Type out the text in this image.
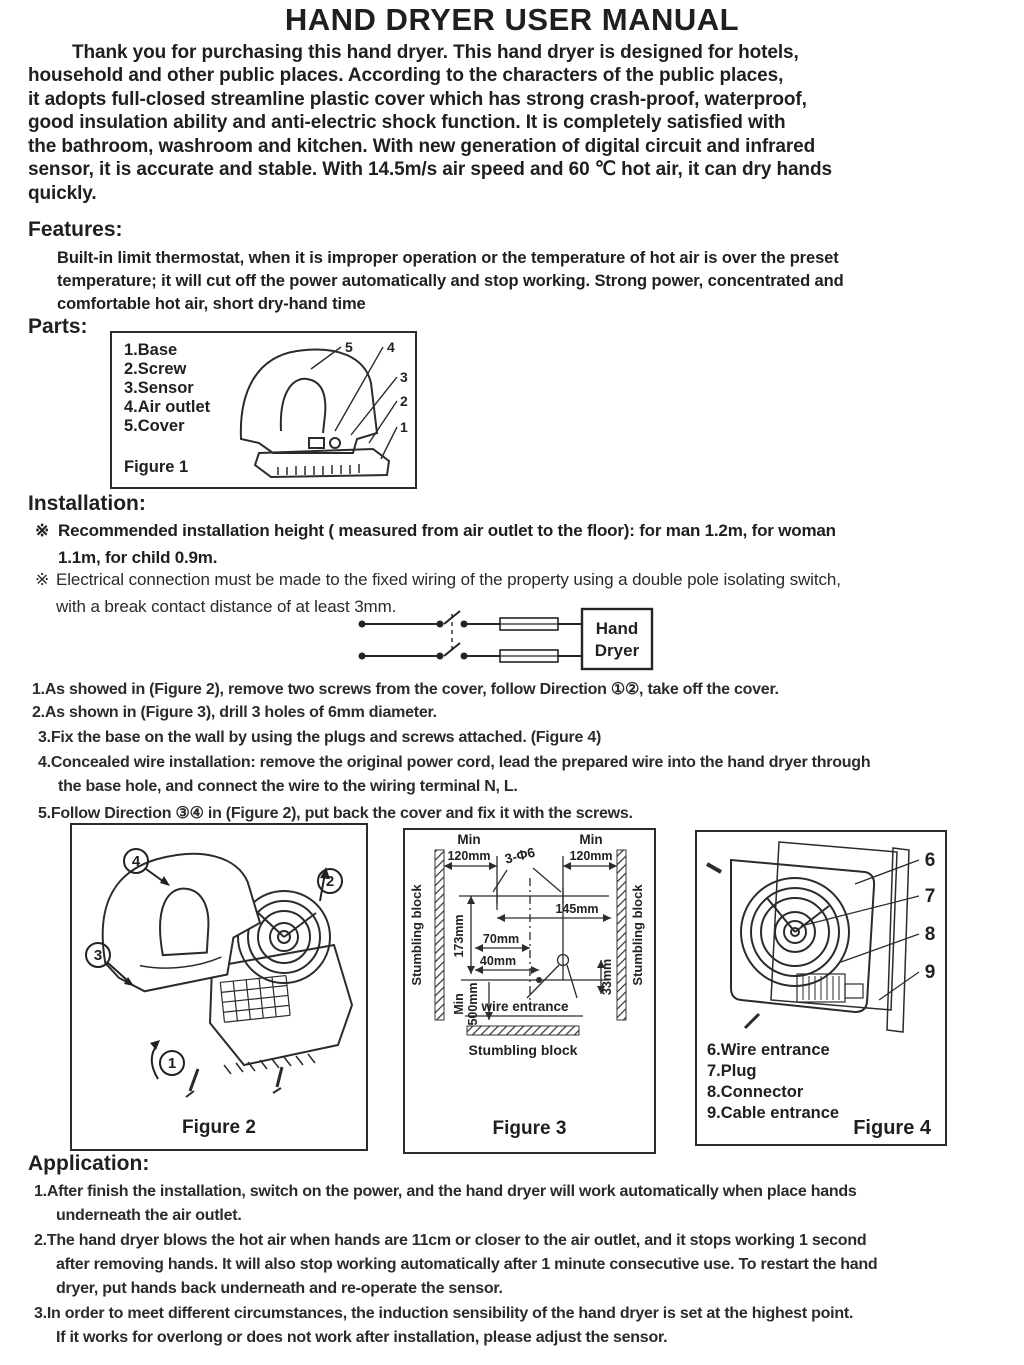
HAND DRYER USER MANUAL
Thank you for purchasing this hand dryer. This hand dryer is designed for hotels,
household and other public places. According to the characters of the public places,
it adopts full-closed streamline plastic cover which has strong crash-proof, waterproof,
good insulation ability and anti-electric shock function. It is completely satisfied with
the bathroom, washroom and kitchen. With new generation of digital circuit and infrared
sensor, it is accurate and stable. With 14.5m/s air speed and 60 ℃ hot air, it can dry hands
quickly.
Features:
Built-in limit thermostat, when it is improper operation or the temperature of hot air is over the preset
temperature; it will cut off the power automatically and stop working. Strong power, concentrated and
comfortable hot air, short dry-hand time
Parts:
1.Base
2.Screw
3.Sensor
4.Air outlet
5.Cover
Figure 1
5 4
3
2
1
Installation:
※ Recommended installation height ( measured from air outlet to the floor): for man 1.2m, for woman
1.1m, for child 0.9m.
※ Electrical connection must be made to the fixed wiring of the property using a double pole isolating switch,
with a break contact distance of at least 3mm.
Hand
Dryer
1.As showed in (Figure 2), remove two screws from the cover, follow Direction ①②, take off the cover.
2.As shown in (Figure 3), drill 3 holes of 6mm diameter.
3.Fix the base on the wall by using the plugs and screws attached. (Figure 4)
4.Concealed wire installation: remove the original power cord, lead the prepared wire into the hand dryer through
the base hole, and connect the wire to the wiring terminal N, L.
5.Follow Direction ③④ in (Figure 2), put back the cover and fix it with the screws.
4
2
3
1
Figure 2
Min
120mm
Min
120mm
3-Φ6
145mm
173mm 70mm
40mm
Min 500mm wire entrance
33mm
Stumbling block	Stumbling block
Stumbling block
Figure 3
6
7
8
9
6.Wire entrance
7.Plug
8.Connector
9.Cable entrance
Figure 4
Application:
1.After finish the installation, switch on the power, and the hand dryer will work automatically when place hands
underneath the air outlet.
2.The hand dryer blows the hot air when hands are 11cm or closer to the air outlet, and it stops working 1 second
after removing hands. It will also stop working automatically after 1 minute consecutive use. To restart the hand
dryer, put hands back underneath and re-operate the sensor.
3.In order to meet different circumstances, the induction sensibility of the hand dryer is set at the highest point.
If it works for overlong or does not work after installation, please adjust the sensor.
